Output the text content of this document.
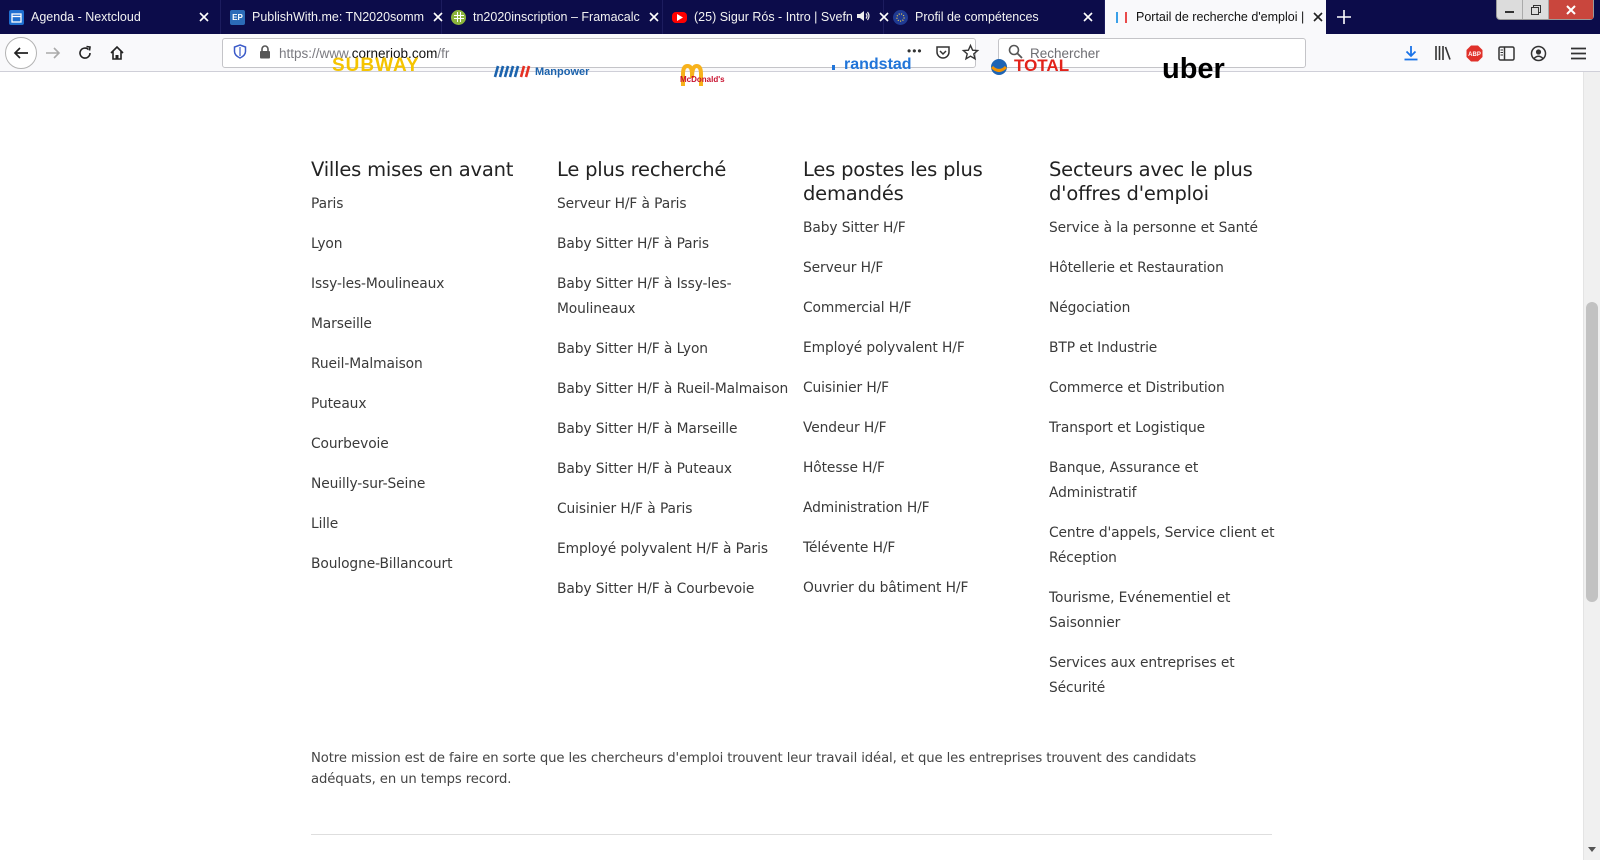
Agenda - Nextcloud	EP PublishWith.me: TN2020somm	tn2020inscription – Framacalc	(25) Sigur Rós - Intro | Svefn	Profil de compétences	Portail de recherche d'emploi |
https://www.cornerjob.com/fr	•••	Rechercher	ABP
SUBWAY	Manpower
McDonald's
randstad	TOTAL	uber
Villes mises en avant
Paris
Lyon
Issy-les-Moulineaux
Marseille
Rueil-Malmaison
Puteaux
Courbevoie
Neuilly-sur-Seine
Lille
Boulogne-Billancourt
Le plus recherché
Serveur H/F à Paris
Baby Sitter H/F à Paris
Baby Sitter H/F à Issy-les-Moulineaux
Baby Sitter H/F à Lyon
Baby Sitter H/F à Rueil-Malmaison
Baby Sitter H/F à Marseille
Baby Sitter H/F à Puteaux
Cuisinier H/F à Paris
Employé polyvalent H/F à Paris
Baby Sitter H/F à Courbevoie
Les postes les plus demandés
Baby Sitter H/F
Serveur H/F
Commercial H/F
Employé polyvalent H/F
Cuisinier H/F
Vendeur H/F
Hôtesse H/F
Administration H/F
Télévente H/F
Ouvrier du bâtiment H/F
Secteurs avec le plus d'offres d'emploi
Service à la personne et Santé
Hôtellerie et Restauration
Négociation
BTP et Industrie
Commerce et Distribution
Transport et Logistique
Banque, Assurance et Administratif
Centre d'appels, Service client et Réception
Tourisme, Evénementiel et Saisonnier
Services aux entreprises et Sécurité

Notre mission est de faire en sorte que les chercheurs d'emploi trouvent leur travail idéal, et que les entreprises trouvent des candidats adéquats, en un temps record.
